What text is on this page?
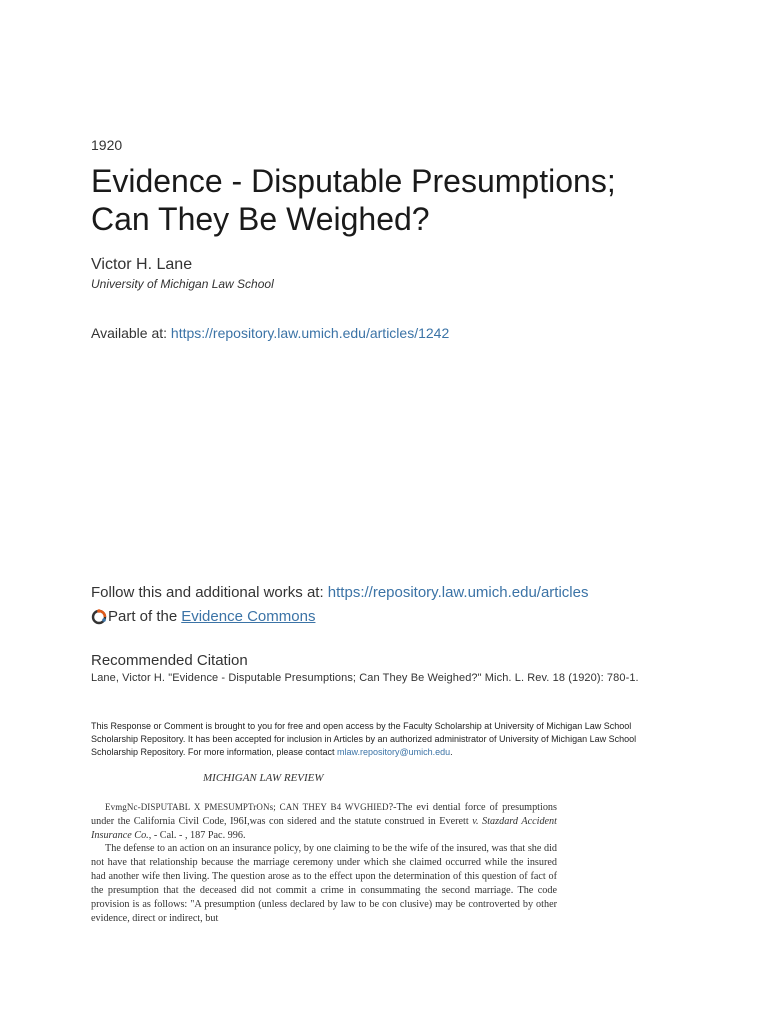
1920
Evidence - Disputable Presumptions;
Can They Be Weighed?
Victor H. Lane
University of Michigan Law School
Available at: https://repository.law.umich.edu/articles/1242
Follow this and additional works at: https://repository.law.umich.edu/articles
Part of the Evidence Commons
Recommended Citation
Lane, Victor H. "Evidence - Disputable Presumptions; Can They Be Weighed?" Mich. L. Rev. 18 (1920): 780-1.
This Response or Comment is brought to you for free and open access by the Faculty Scholarship at University of Michigan Law School Scholarship Repository. It has been accepted for inclusion in Articles by an authorized administrator of University of Michigan Law School Scholarship Repository. For more information, please contact mlaw.repository@umich.edu.
MICHIGAN LAW REVIEW

EvmgNc-DISPUTABL X PMESUMPTrONs; CAN THEY B4 WVGHIED?-The evi dential force of presumptions under the California Civil Code, I96I,was con sidered and the statute construed in Everett v. Stazdard Accident Insurance Co., - Cal. - , 187 Pac. 996.

The defense to an action on an insurance policy, by one claiming to be the wife of the insured, was that she did not have that relationship because the marriage ceremony under which she claimed occurred while the insured had another wife then living. The question arose as to the effect upon the determination of this question of fact of the presumption that the deceased did not commit a crime in consummating the second marriage. The code provision is as follows: "A presumption (unless declared by law to be con clusive) may be controverted by other evidence, direct or indirect, but
